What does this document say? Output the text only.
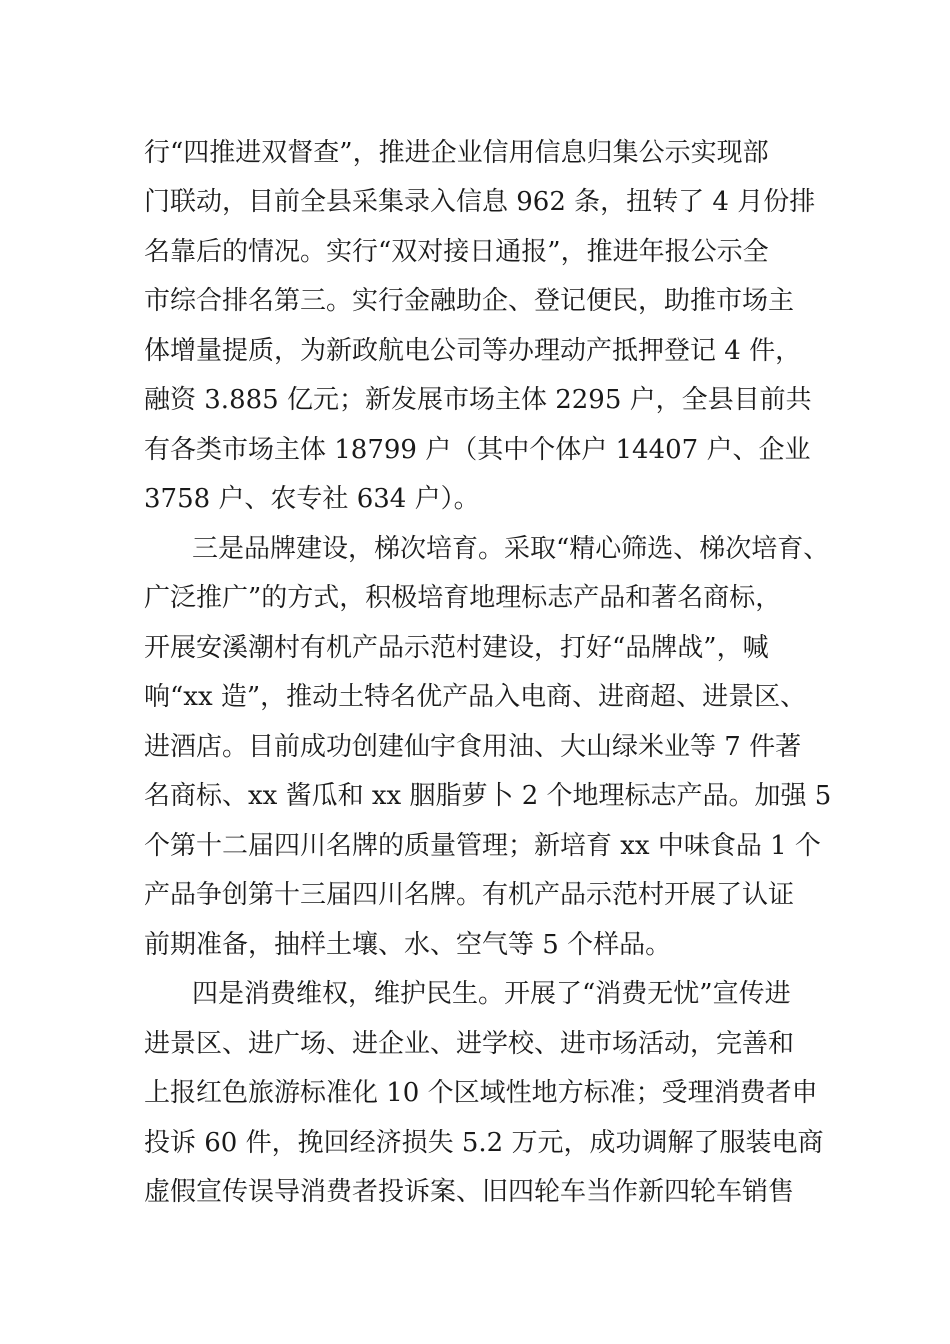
行“四推进双督查”，推进企业信用信息归集公示实现部
门联动，目前全县采集录入信息 962 条，扭转了 4 月份排
名靠后的情况。实行“双对接日通报”，推进年报公示全
市综合排名第三。实行金融助企、登记便民，助推市场主
体增量提质，为新政航电公司等办理动产抵押登记 4 件，
融资 3.885 亿元；新发展市场主体 2295 户，全县目前共
有各类市场主体 18799 户（其中个体户 14407 户、企业
3758 户、农专社 634 户）。
三是品牌建设，梯次培育。采取“精心筛选、梯次培育、
广泛推广”的方式，积极培育地理标志产品和著名商标，
开展安溪潮村有机产品示范村建设，打好“品牌战”，喊
响“xx 造”，推动土特名优产品入电商、进商超、进景区、
进酒店。目前成功创建仙宇食用油、大山绿米业等 7 件著
名商标、xx 酱瓜和 xx 胭脂萝卜 2 个地理标志产品。加强 5
个第十二届四川名牌的质量管理；新培育 xx 中味食品 1 个
产品争创第十三届四川名牌。有机产品示范村开展了认证
前期准备，抽样土壤、水、空气等 5 个样品。
四是消费维权，维护民生。开展了“消费无忧”宣传进
进景区、进广场、进企业、进学校、进市场活动，完善和
上报红色旅游标准化 10 个区域性地方标准；受理消费者申
投诉 60 件，挽回经济损失 5.2 万元，成功调解了服装电商
虚假宣传误导消费者投诉案、旧四轮车当作新四轮车销售
